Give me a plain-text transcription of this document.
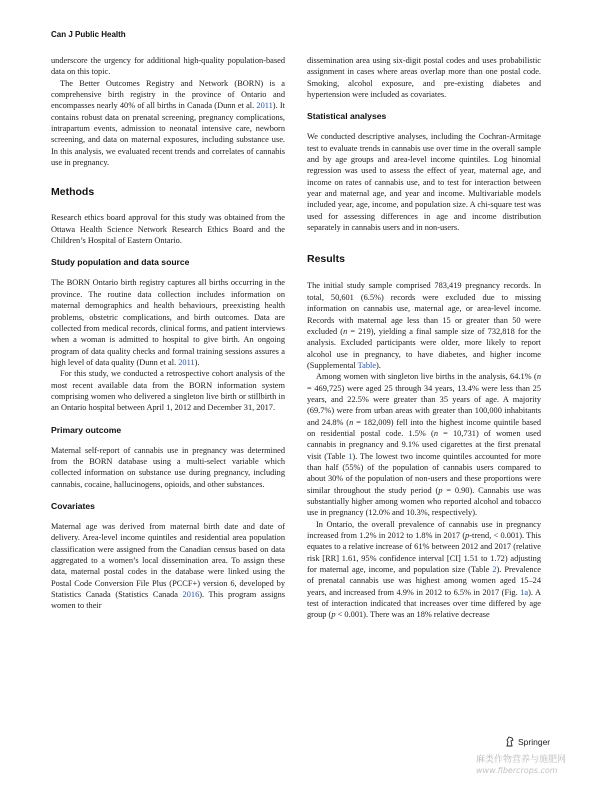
Can J Public Health

underscore the urgency for additional high-quality population-based data on this topic.

The Better Outcomes Registry and Network (BORN) is a comprehensive birth registry in the province of Ontario and encompasses nearly 40% of all births in Canada (Dunn et al. 2011). It contains robust data on prenatal screening, pregnancy complications, intrapartum events, admission to neonatal intensive care, newborn screening, and data on maternal exposures, including substance use. In this analysis, we evaluated recent trends and correlates of cannabis use in pregnancy.

Methods

Research ethics board approval for this study was obtained from the Ottawa Health Science Network Research Ethics Board and the Children’s Hospital of Eastern Ontario.

Study population and data source

The BORN Ontario birth registry captures all births occurring in the province. The routine data collection includes information on maternal demographics and health behaviours, preexisting health problems, obstetric complications, and birth outcomes. Data are collected from medical records, clinical forms, and patient interviews when a woman is admitted to hospital to give birth. An ongoing program of data quality checks and formal training sessions assures a high level of data quality (Dunn et al. 2011).

For this study, we conducted a retrospective cohort analysis of the most recent available data from the BORN information system comprising women who delivered a singleton live birth or stillbirth in an Ontario hospital between April 1, 2012 and December 31, 2017.

Primary outcome

Maternal self-report of cannabis use in pregnancy was determined from the BORN database using a multi-select variable which collected information on substance use during pregnancy, including cannabis, cocaine, hallucinogens, opioids, and other substances.

Covariates

Maternal age was derived from maternal birth date and date of delivery. Area-level income quintiles and residential area population classification were assigned from the Canadian census based on data aggregated to a women’s local dissemination area. To assign these data, maternal postal codes in the database were linked using the Postal Code Conversion File Plus (PCCF+) version 6, developed by Statistics Canada (Statistics Canada 2016). This program assigns women to their

dissemination area using six-digit postal codes and uses probabilistic assignment in cases where areas overlap more than one postal code. Smoking, alcohol exposure, and pre-existing diabetes and hypertension were included as covariates.

Statistical analyses

We conducted descriptive analyses, including the Cochran-Armitage test to evaluate trends in cannabis use over time in the overall sample and by age groups and area-level income quintiles. Log binomial regression was used to assess the effect of year, maternal age, and income on rates of cannabis use, and to test for interaction between year and maternal age, and year and income. Multivariable models included year, age, income, and population size. A chi-square test was used for assessing differences in age and income distribution separately in cannabis users and in non-users.

Results

The initial study sample comprised 783,419 pregnancy records. In total, 50,601 (6.5%) records were excluded due to missing information on cannabis use, maternal age, or area-level income. Records with maternal age less than 15 or greater than 50 were excluded (n = 219), yielding a final sample size of 732,818 for the analysis. Excluded participants were older, more likely to report alcohol use in pregnancy, to have diabetes, and higher income (Supplemental Table).

Among women with singleton live births in the analysis, 64.1% (n = 469,725) were aged 25 through 34 years, 13.4% were less than 25 years, and 22.5% were greater than 35 years of age. A majority (69.7%) were from urban areas with greater than 100,000 inhabitants and 24.8% (n = 182,009) fell into the highest income quintile based on residential postal code. 1.5% (n = 10,731) of women used cannabis in pregnancy and 9.1% used cigarettes at the first prenatal visit (Table 1). The lowest two income quintiles accounted for more than half (55%) of the population of cannabis users compared to about 30% of the population of non-users and these proportions were similar throughout the study period (p = 0.90). Cannabis use was substantially higher among women who reported alcohol and tobacco use in pregnancy (12.0% and 10.3%, respectively).

In Ontario, the overall prevalence of cannabis use in pregnancy increased from 1.2% in 2012 to 1.8% in 2017 (p-trend, < 0.001). This equates to a relative increase of 61% between 2012 and 2017 (relative risk [RR] 1.61, 95% confidence interval [CI] 1.51 to 1.72) adjusting for maternal age, income, and population size (Table 2). Prevalence of prenatal cannabis use was highest among women aged 15–24 years, and increased from 4.9% in 2012 to 6.5% in 2017 (Fig. 1a). A test of interaction indicated that increases over time differed by age group (p < 0.001). There was an 18% relative decrease

Springer
麻类作物营养与施肥网
www.fibercrops.com
